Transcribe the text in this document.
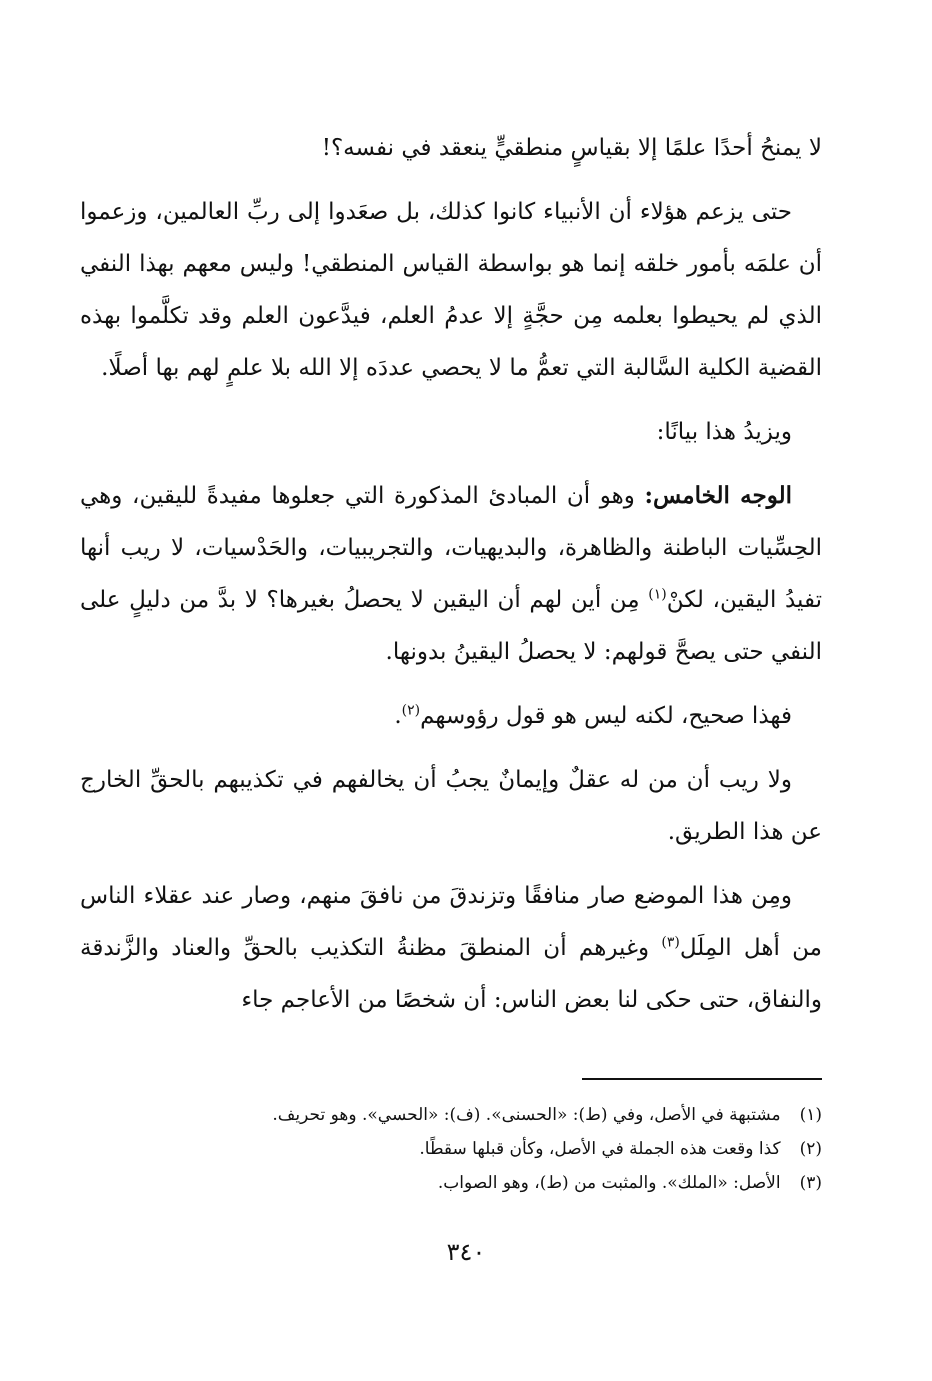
لا يمنحُ أحدًا علمًا إلا بقياسٍ منطقيٍّ ينعقد في نفسه؟!

حتى يزعم هؤلاء أن الأنبياء كانوا كذلك، بل صعَدوا إلى ربِّ العالمين، وزعموا أن علمَه بأمور خلقه إنما هو بواسطة القياس المنطقي! وليس معهم بهذا النفي الذي لم يحيطوا بعلمه مِن حجَّةٍ إلا عدمُ العلم، فيدَّعون العلم وقد تكلَّموا بهذه القضية الكلية السَّالبة التي تعمُّ ما لا يحصي عددَه إلا الله بلا علمٍ لهم بها أصلًا.

ويزيدُ هذا بيانًا:

الوجه الخامس: وهو أن المبادئ المذكورة التي جعلوها مفيدةً لليقين، وهي الحِسِّيات الباطنة والظاهرة، والبديهيات، والتجريبيات، والحَدْسيات، لا ريب أنها تفيدُ اليقين، لكنْ$^{(١)}$ مِن أين لهم أن اليقين لا يحصلُ بغيرها؟ لا بدَّ من دليلٍ على النفي حتى يصحَّ قولهم: لا يحصلُ اليقينُ بدونها.

فهذا صحيح، لكنه ليس هو قول رؤوسهم$^{(٢)}$.

ولا ريب أن من له عقلٌ وإيمانٌ يجبُ أن يخالفهم في تكذيبهم بالحقِّ الخارج عن هذا الطريق.

ومِن هذا الموضع صار منافقًا وتزندقَ من نافقَ منهم، وصار عند عقلاء الناس من أهل المِلَل$^{(٣)}$ وغيرهم أن المنطقَ مظنةُ التكذيب بالحقِّ والعناد والزَّندقة والنفاق، حتى حكى لنا بعض الناس: أن شخصًا من الأعاجم جاء

(١) مشتبهة في الأصل، وفي (ط): «الحسنى». (ف): «الحسي». وهو تحريف.

(٢) كذا وقعت هذه الجملة في الأصل، وكأن قبلها سقطًا.

(٣) الأصل: «الملك». والمثبت من (ط)، وهو الصواب.

٣٤٠
